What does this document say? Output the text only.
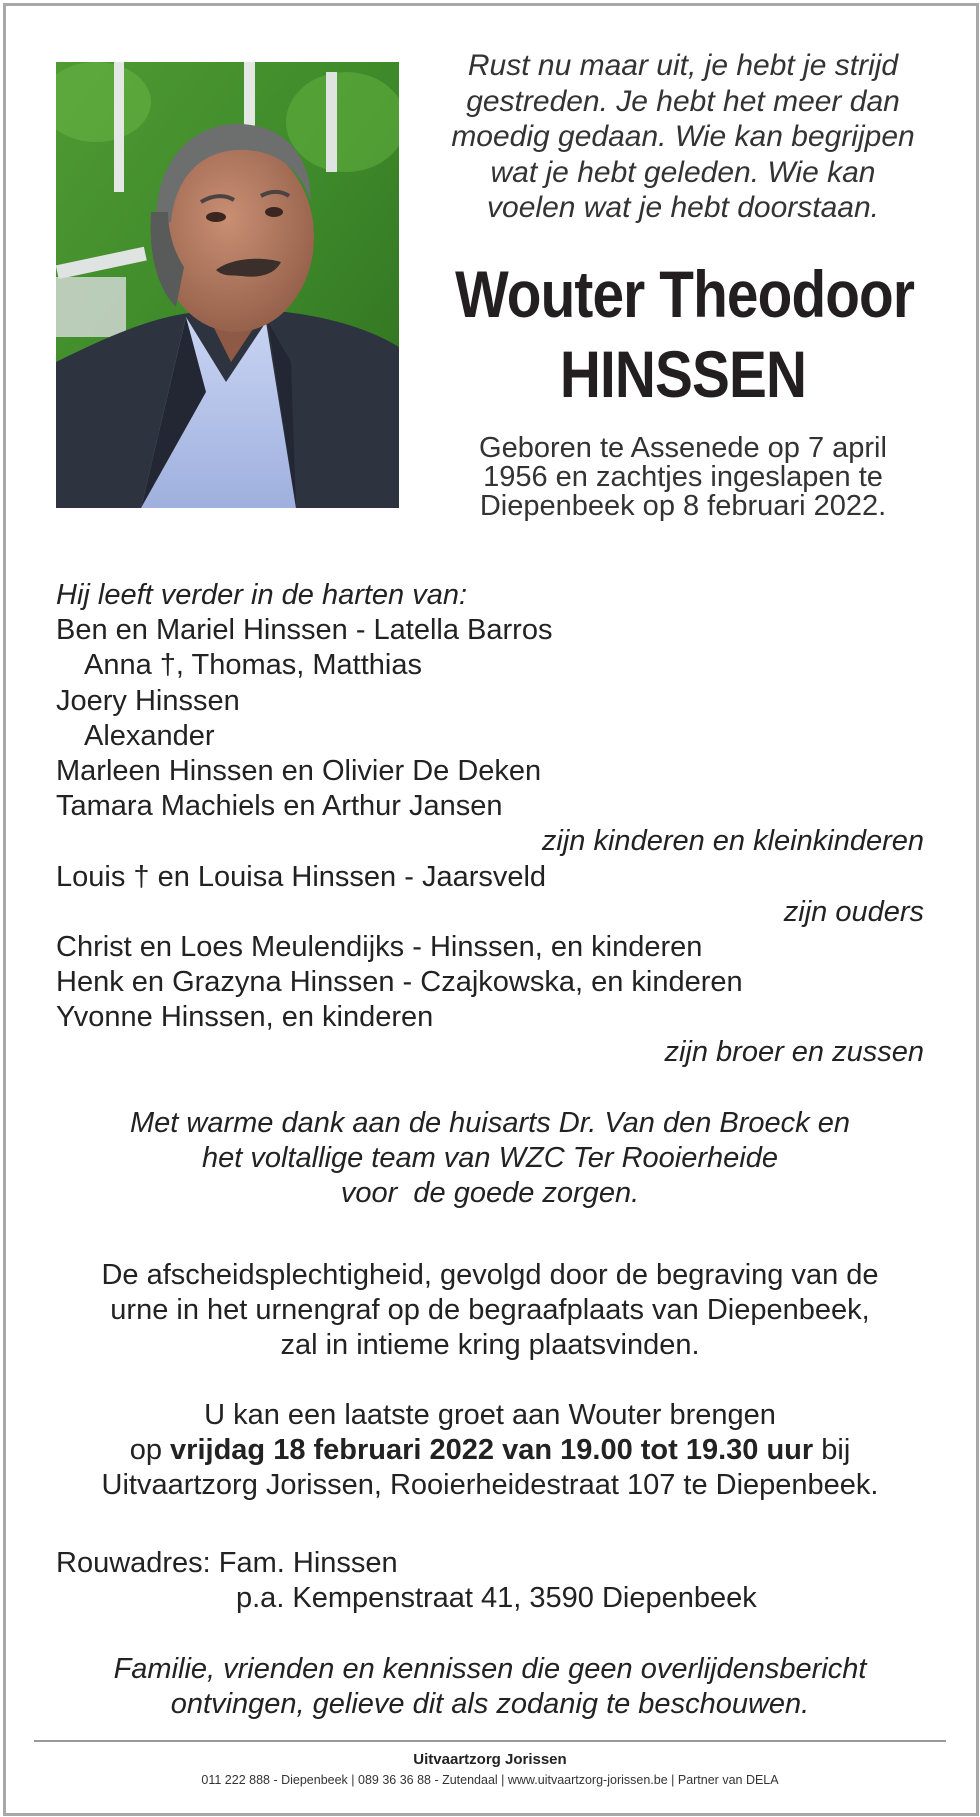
Rust nu maar uit, je hebt je strijd
gestreden. Je hebt het meer dan
moedig gedaan. Wie kan begrijpen
wat je hebt geleden. Wie kan
voelen wat je hebt doorstaan.
Wouter Theodoor
HINSSEN
Geboren te Assenede op 7 april
1956 en zachtjes ingeslapen te
Diepenbeek op 8 februari 2022.
Hij leeft verder in de harten van:
Ben en Mariel Hinssen - Latella Barros
Anna †, Thomas, Matthias
Joery Hinssen
Alexander
Marleen Hinssen en Olivier De Deken
Tamara Machiels en Arthur Jansen
zijn kinderen en kleinkinderen
Louis † en Louisa Hinssen - Jaarsveld
zijn ouders
Christ en Loes Meulendijks - Hinssen, en kinderen
Henk en Grazyna Hinssen - Czajkowska, en kinderen
Yvonne Hinssen, en kinderen
zijn broer en zussen
Met warme dank aan de huisarts Dr. Van den Broeck en
het voltallige team van WZC Ter Rooierheide
voor  de goede zorgen.
De afscheidsplechtigheid, gevolgd door de begraving van de
urne in het urnengraf op de begraafplaats van Diepenbeek,
zal in intieme kring plaatsvinden.
U kan een laatste groet aan Wouter brengen
op vrijdag 18 februari 2022 van 19.00 tot 19.30 uur bij
Uitvaartzorg Jorissen, Rooierheidestraat 107 te Diepenbeek.
Rouwadres: Fam. Hinssen
p.a. Kempenstraat 41, 3590 Diepenbeek
Familie, vrienden en kennissen die geen overlijdensbericht
ontvingen, gelieve dit als zodanig te beschouwen.
Uitvaartzorg Jorissen
011 222 888 - Diepenbeek | 089 36 36 88 - Zutendaal | www.uitvaartzorg-jorissen.be | Partner van DELA
